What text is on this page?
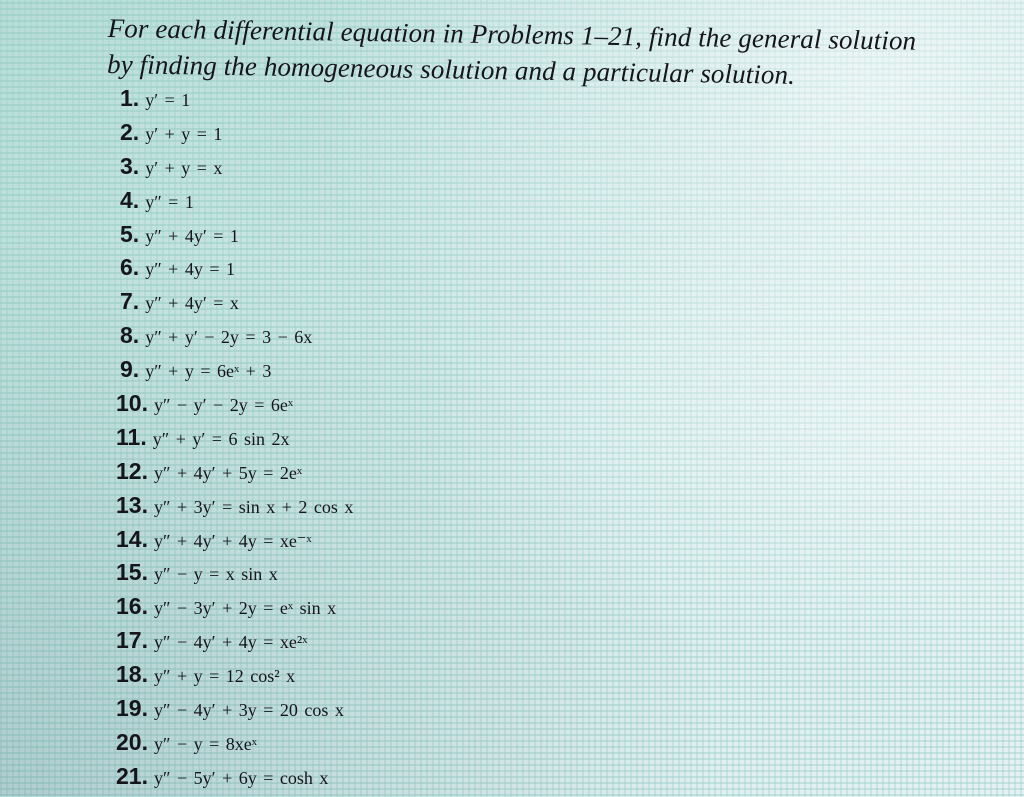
For each differential equation in Problems 1–21, find the general solution
by finding the homogeneous solution and a particular solution.
1. y′ = 1
2. y′ + y = 1
3. y′ + y = x
4. y″ = 1
5. y″ + 4y′ = 1
6. y″ + 4y = 1
7. y″ + 4y′ = x
8. y″ + y′ − 2y = 3 − 6x
9. y″ + y = 6eˣ + 3
10. y″ − y′ − 2y = 6eˣ
11. y″ + y′ = 6 sin 2x
12. y″ + 4y′ + 5y = 2eˣ
13. y″ + 3y′ = sin x + 2 cos x
14. y″ + 4y′ + 4y = xe⁻ˣ
15. y″ − y = x sin x
16. y″ − 3y′ + 2y = eˣ sin x
17. y″ − 4y′ + 4y = xe²ˣ
18. y″ + y = 12 cos² x
19. y″ − 4y′ + 3y = 20 cos x
20. y″ − y = 8xeˣ
21. y″ − 5y′ + 6y = cosh x
